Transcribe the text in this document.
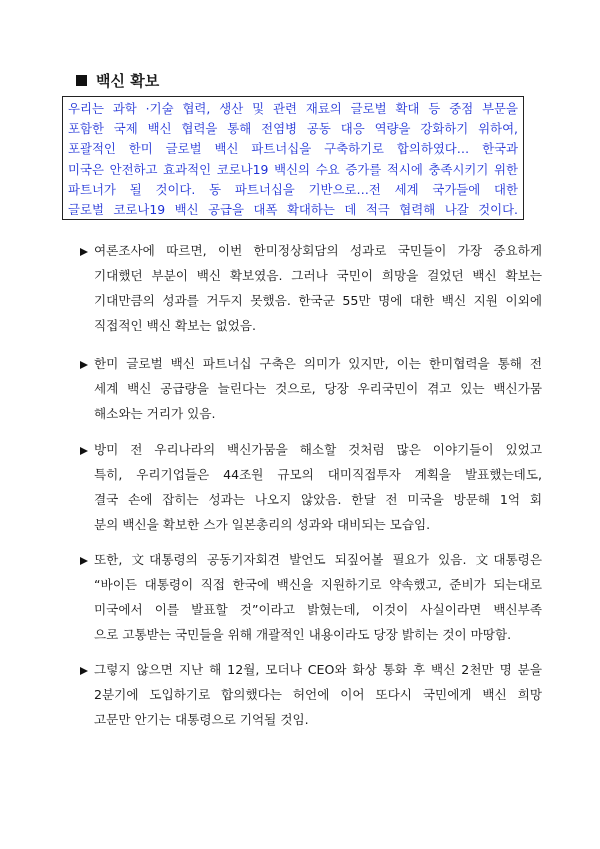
백신 확보
우리는 과학 ·기술 협력, 생산 및 관련 재료의 글로벌 확대 등 중점 부문을
포함한 국제 백신 협력을 통해 전염병 공동 대응 역량을 강화하기 위하여,
포괄적인 한미 글로벌 백신 파트너십을 구축하기로 합의하였다… 한국과
미국은 안전하고 효과적인 코로나19 백신의 수요 증가를 적시에 충족시키기 위한
파트너가 될 것이다. 동 파트너십을 기반으로…전 세계 국가들에 대한
글로벌 코로나19 백신 공급을 대폭 확대하는 데 적극 협력해 나갈 것이다.
여론조사에 따르면, 이번 한미정상회담의 성과로 국민들이 가장 중요하게
기대했던 부분이 백신 확보였음. 그러나 국민이 희망을 걸었던 백신 확보는
기대만큼의 성과를 거두지 못했음. 한국군 55만 명에 대한 백신 지원 이외에
직접적인 백신 확보는 없었음.
한미 글로벌 백신 파트너십 구축은 의미가 있지만, 이는 한미협력을 통해 전
세계 백신 공급량을 늘린다는 것으로, 당장 우리국민이 겪고 있는 백신가뭄
해소와는 거리가 있음.
방미 전 우리나라의 백신가뭄을 해소할 것처럼 많은 이야기들이 있었고
특히, 우리기업들은 44조원 규모의 대미직접투자 계획을 발표했는데도,
결국 손에 잡히는 성과는 나오지 않았음. 한달 전 미국을 방문해 1억 회
분의 백신을 확보한 스가 일본총리의 성과와 대비되는 모습임.
또한, 文대통령의 공동기자회견 발언도 되짚어볼 필요가 있음. 文대통령은
“바이든 대통령이 직접 한국에 백신을 지원하기로 약속했고, 준비가 되는대로
미국에서 이를 발표할 것”이라고 밝혔는데, 이것이 사실이라면 백신부족
으로 고통받는 국민들을 위해 개괄적인 내용이라도 당장 밝히는 것이 마땅함.
그렇지 않으면 지난 해 12월, 모더나 CEO와 화상 통화 후 백신 2천만 명 분을
2분기에 도입하기로 합의했다는 허언에 이어 또다시 국민에게 백신 희망
고문만 안기는 대통령으로 기억될 것임.
